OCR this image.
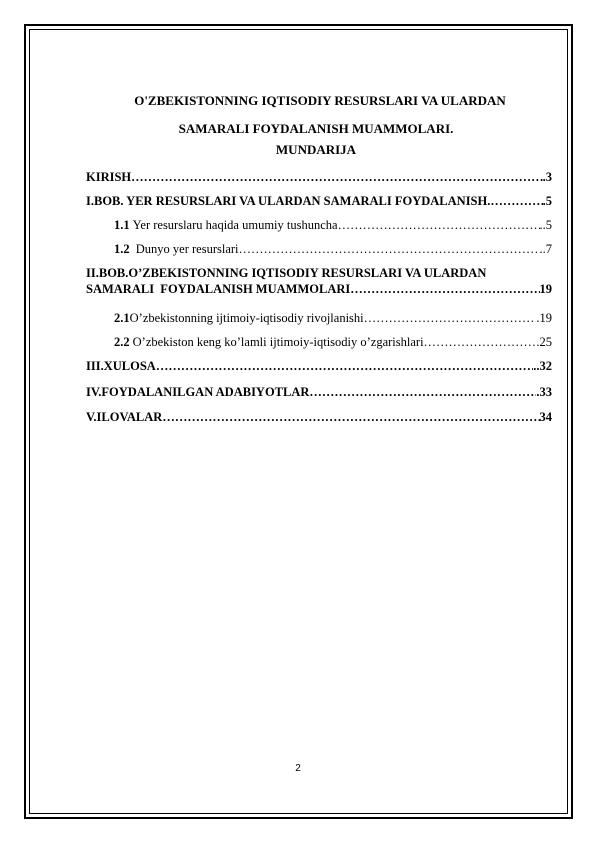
O'ZBEKISTONNING IQTISODIY RESURSLARI VA ULARDAN
SAMARALI FOYDALANISH MUAMMOLARI.
MUNDARIJA
KIRISH …………………………………………………………………………………………………………………………………………………………………………………………………	.3
I.BOB. YER RESURSLARI VA ULARDAN SAMARALI FOYDALANISH. …………………………………………………………………………………………………………………………………………………………………………………………………	.5
1.1 Yer resurslaru haqida umumiy tushuncha …………………………………………………………………………………………………………………………………………………………………………………………………	..5
1.2 Dunyo yer resurslari …………………………………………………………………………………………………………………………………………………………………………………………………	..7
II.BOB.O’ZBEKISTONNING IQTISODIY RESURSLARI VA ULARDAN
SAMARALI  FOYDALANISH MUAMMOLARI …………………………………………………………………………………………………………………………………………………	19
2.1 O’zbekistonning ijtimoiy-iqtisodiy rivojlanishi …………………………………………………………………………………………………………………………………………………………………………………………………	.19
2.2 O’zbekiston keng ko’lamli ijtimoiy-iqtisodiy o’zgarishlari …………………………………………………………………………………………………………………………………………………………………………………………………	.25
III.XULOSA …………………………………………………………………………………………………………………………………………………………………………………………………	..32
IV.FOYDALANILGAN ADABIYOTLAR …………………………………………………………………………………………………………………………………………………………………………………………………	.33
V.ILOVALAR …………………………………………………………………………………………………………………………………………………………………………………………………	34
2
